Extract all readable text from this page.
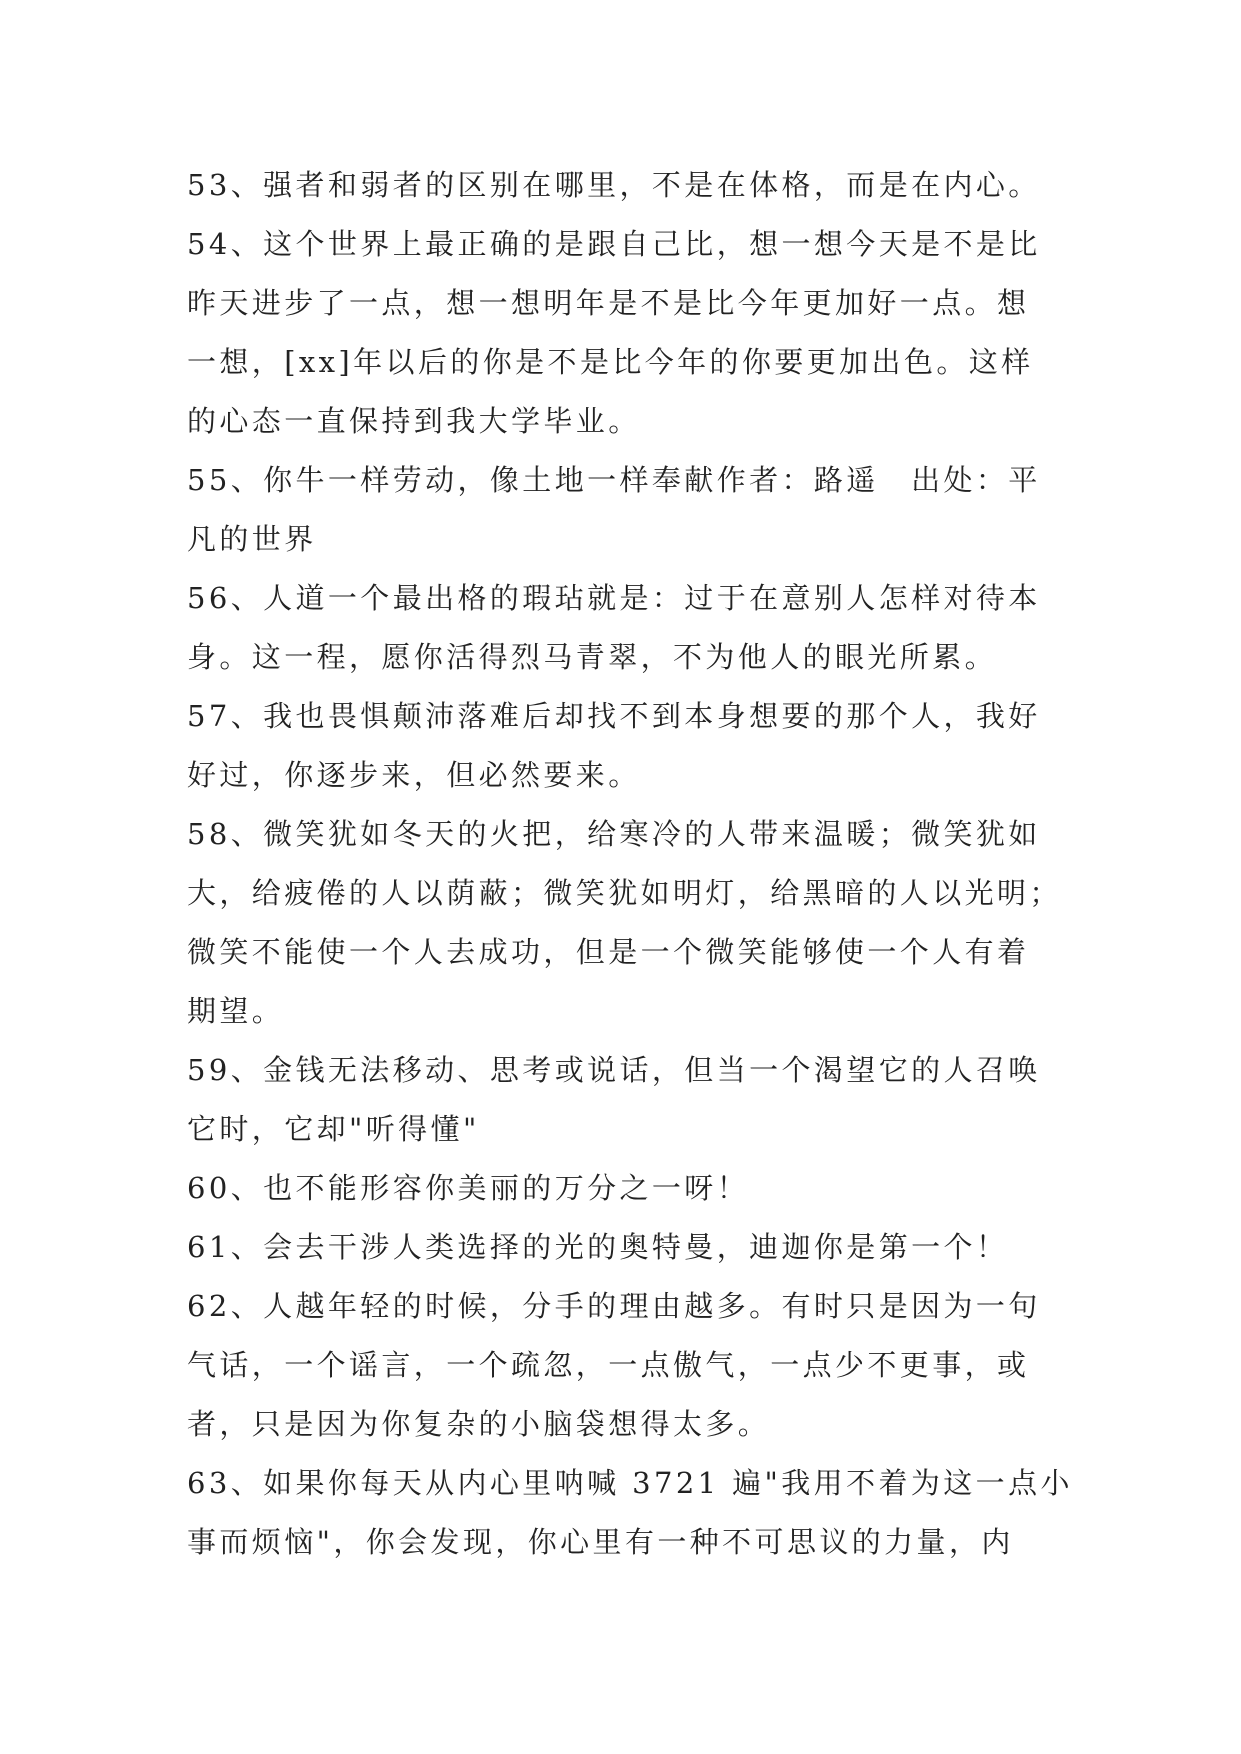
53、强者和弱者的区别在哪里，不是在体格，而是在内心。
54、这个世界上最正确的是跟自己比，想一想今天是不是比
昨天进步了一点，想一想明年是不是比今年更加好一点。想
一想，[xx]年以后的你是不是比今年的你要更加出色。这样
的心态一直保持到我大学毕业。
55、你牛一样劳动，像土地一样奉献作者：路遥　出处：平
凡的世界
56、人道一个最出格的瑕玷就是：过于在意别人怎样对待本
身。这一程，愿你活得烈马青翠，不为他人的眼光所累。
57、我也畏惧颠沛落难后却找不到本身想要的那个人，我好
好过，你逐步来，但必然要来。
58、微笑犹如冬天的火把，给寒冷的人带来温暖；微笑犹如
大，给疲倦的人以荫蔽；微笑犹如明灯，给黑暗的人以光明；
微笑不能使一个人去成功，但是一个微笑能够使一个人有着
期望。
59、金钱无法移动、思考或说话，但当一个渴望它的人召唤
它时，它却"听得懂"
60、也不能形容你美丽的万分之一呀！
61、会去干涉人类选择的光的奥特曼，迪迦你是第一个！
62、人越年轻的时候，分手的理由越多。有时只是因为一句
气话，一个谣言，一个疏忽，一点傲气，一点少不更事，或
者，只是因为你复杂的小脑袋想得太多。
63、如果你每天从内心里呐喊 3721 遍"我用不着为这一点小
事而烦恼"，你会发现，你心里有一种不可思议的力量，内
